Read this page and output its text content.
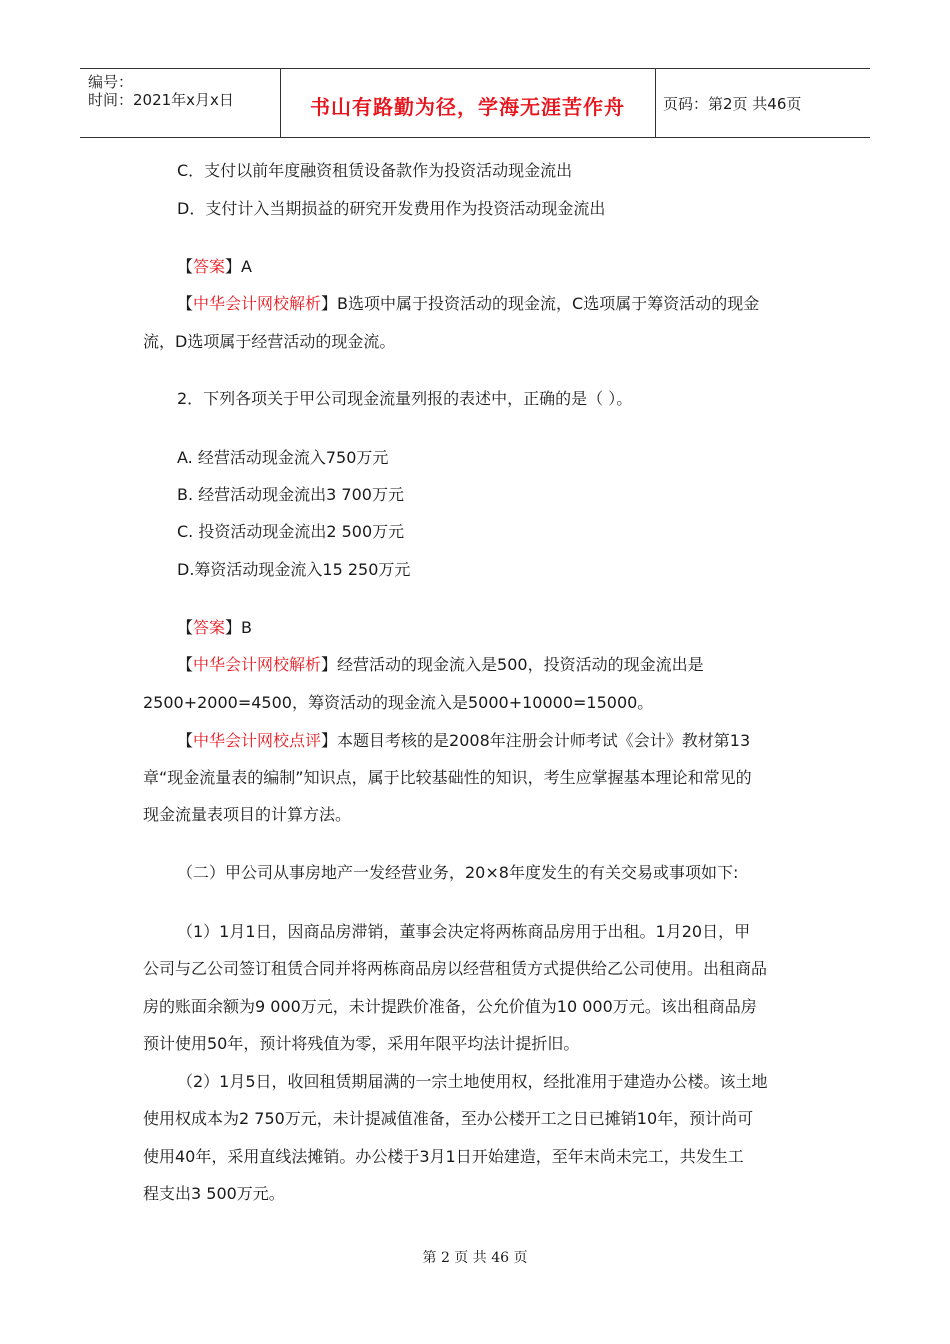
编号：
时间：2021年x月x日	书山有路勤为径，学海无涯苦作舟	页码：第2页 共46页
C．支付以前年度融资租赁设备款作为投资活动现金流出
D．支付计入当期损益的研究开发费用作为投资活动现金流出
【答案】A
【中华会计网校解析】B选项中属于投资活动的现金流，C选项属于筹资活动的现金
流，D选项属于经营活动的现金流。
2．下列各项关于甲公司现金流量列报的表述中，正确的是（ ）。
A. 经营活动现金流入750万元
B. 经营活动现金流出3 700万元
C. 投资活动现金流出2 500万元
D.筹资活动现金流入15 250万元
【答案】B
【中华会计网校解析】经营活动的现金流入是500，投资活动的现金流出是
2500+2000=4500，筹资活动的现金流入是5000+10000=15000。
【中华会计网校点评】本题目考核的是2008年注册会计师考试《会计》教材第13
章“现金流量表的编制”知识点，属于比较基础性的知识，考生应掌握基本理论和常见的
现金流量表项目的计算方法。
（二）甲公司从事房地产一发经营业务，20×8年度发生的有关交易或事项如下:
（1）1月1日，因商品房滞销，董事会决定将两栋商品房用于出租。1月20日，甲
公司与乙公司签订租赁合同并将两栋商品房以经营租赁方式提供给乙公司使用。出租商品
房的账面余额为9 000万元，未计提跌价准备，公允价值为10 000万元。该出租商品房
预计使用50年，预计将残值为零，采用年限平均法计提折旧。
（2）1月5日，收回租赁期届满的一宗土地使用权，经批准用于建造办公楼。该土地
使用权成本为2 750万元，未计提减值准备，至办公楼开工之日已摊销10年，预计尚可
使用40年，采用直线法摊销。办公楼于3月1日开始建造，至年末尚未完工，共发生工
程支出3 500万元。
第 2 页 共 46 页
